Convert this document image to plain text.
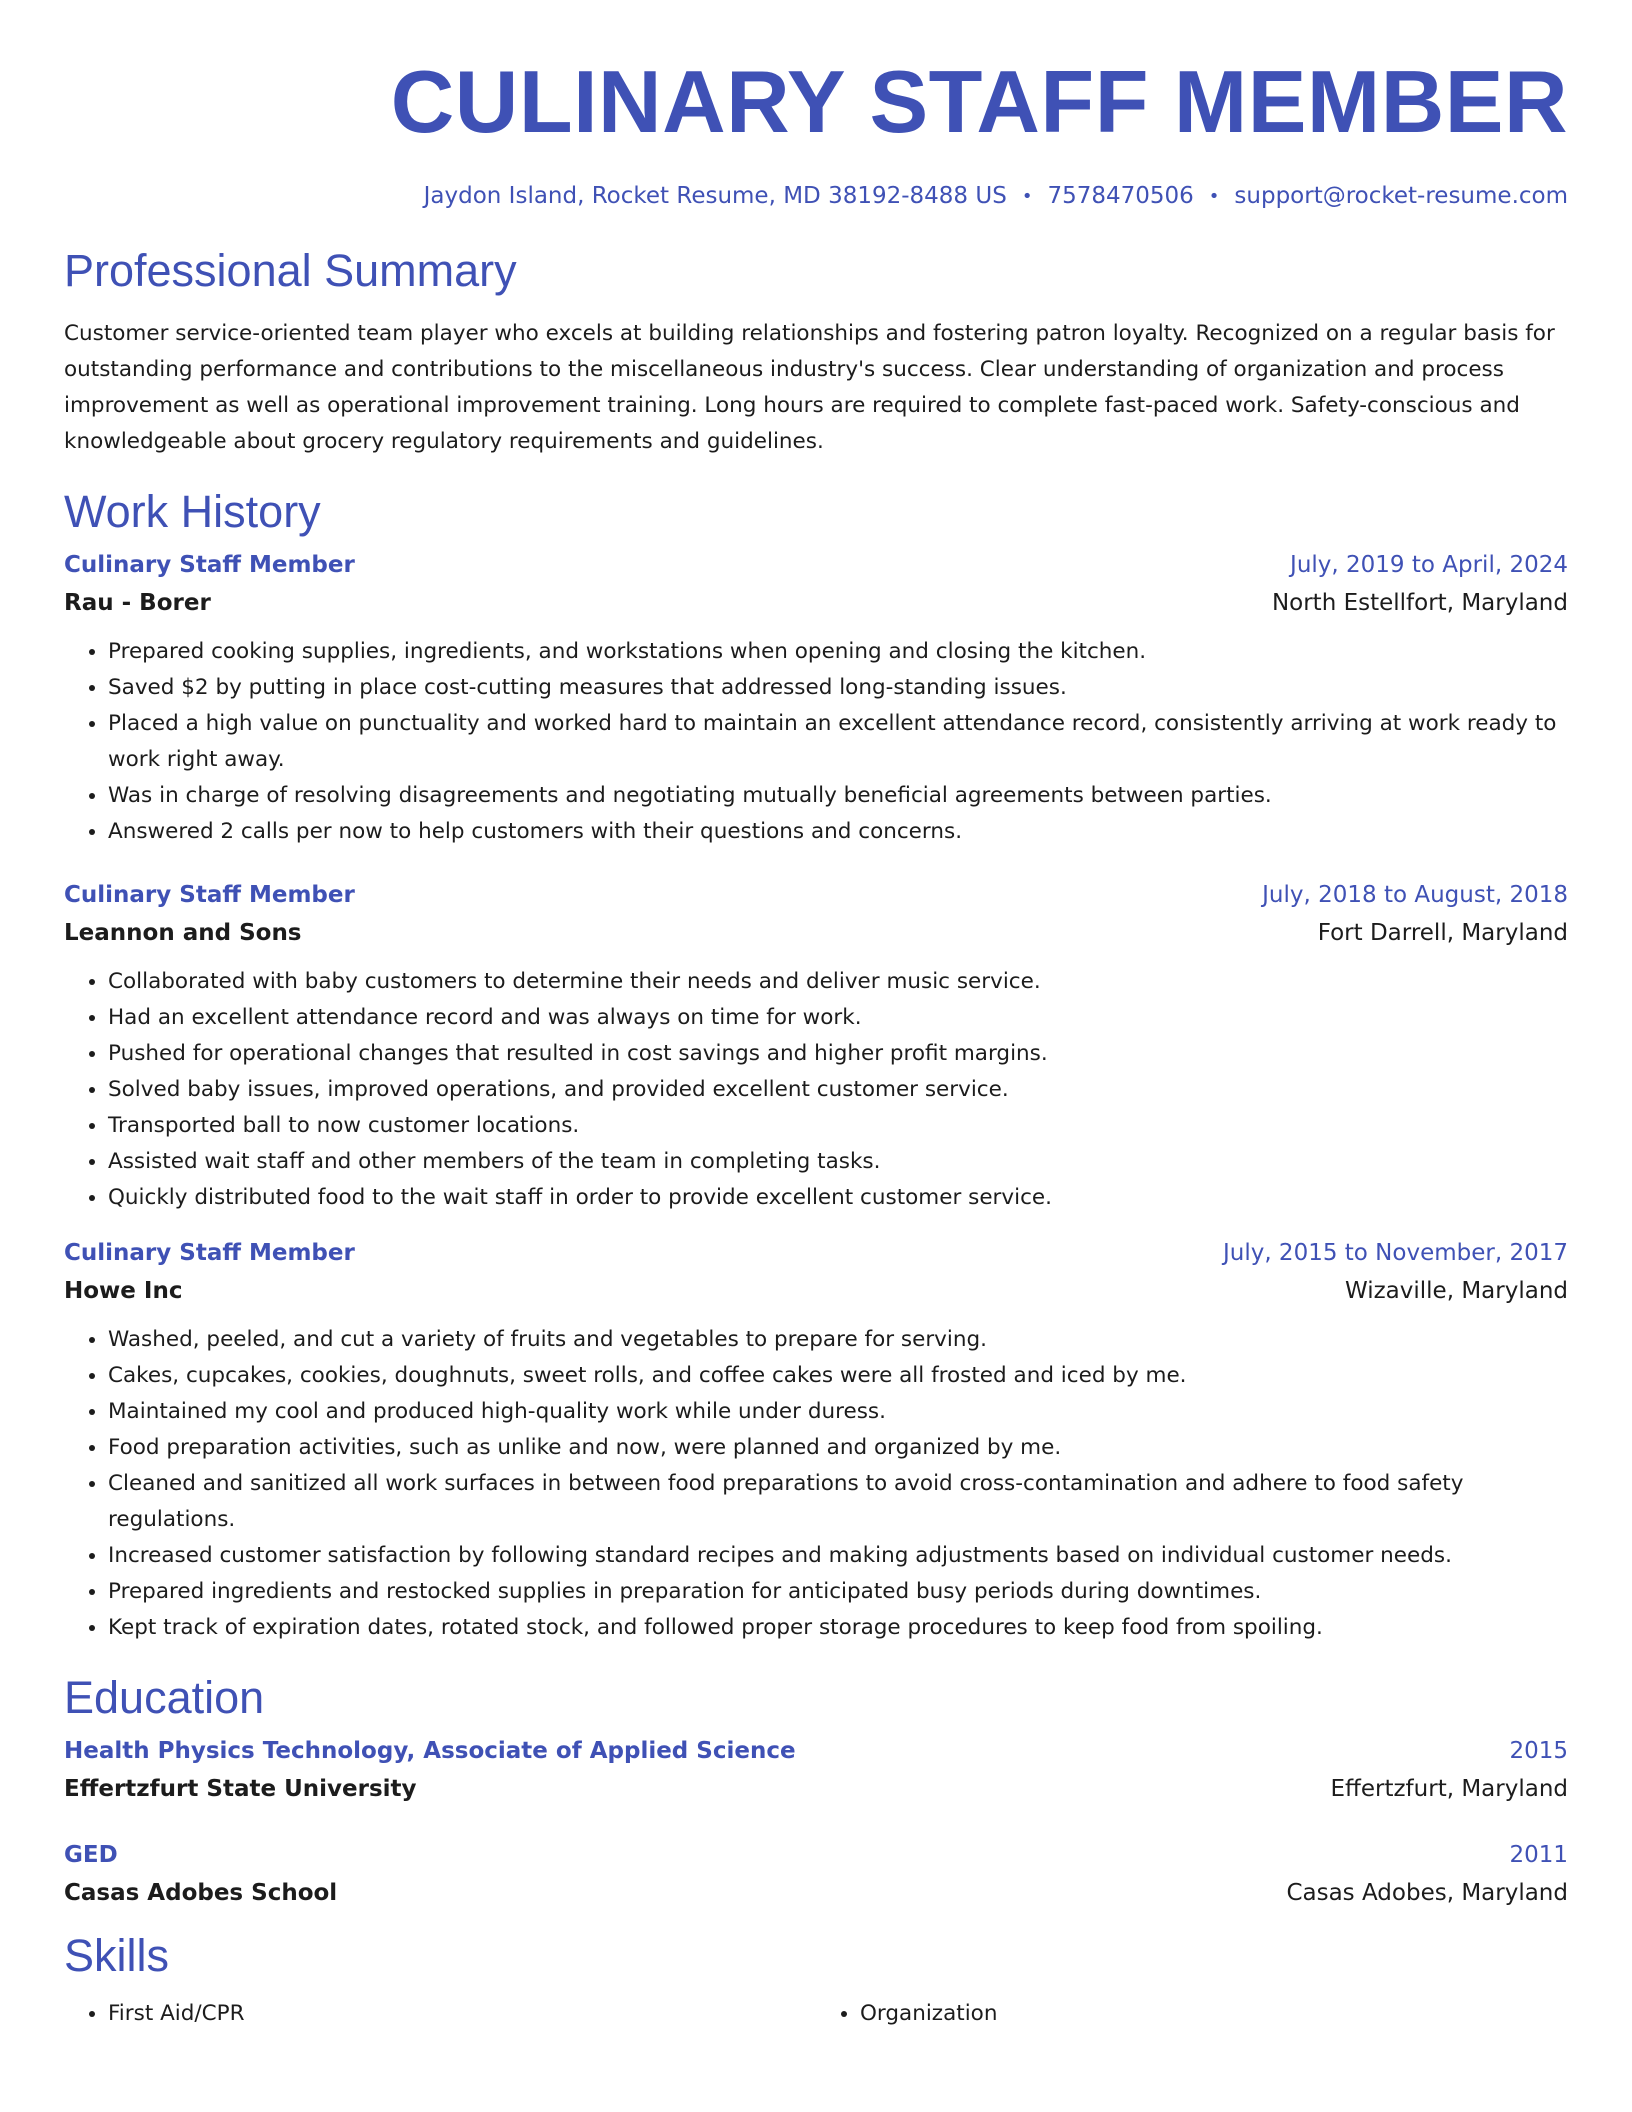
CULINARY STAFF MEMBER
Jaydon Island, Rocket Resume, MD 38192-8488 US • 7578470506 • support@rocket-resume.com
Professional Summary
Customer service-oriented team player who excels at building relationships and fostering patron loyalty. Recognized on a regular basis for outstanding performance and contributions to the miscellaneous industry's success. Clear understanding of organization and process improvement as well as operational improvement training. Long hours are required to complete fast-paced work. Safety-conscious and knowledgeable about grocery regulatory requirements and guidelines.
Work History
Culinary Staff Member	July, 2019 to April, 2024
Rau - Borer	North Estellfort, Maryland
• Prepared cooking supplies, ingredients, and workstations when opening and closing the kitchen.
• Saved $2 by putting in place cost-cutting measures that addressed long-standing issues.
• Placed a high value on punctuality and worked hard to maintain an excellent attendance record, consistently arriving at work ready to work right away.
• Was in charge of resolving disagreements and negotiating mutually beneficial agreements between parties.
• Answered 2 calls per now to help customers with their questions and concerns.
Culinary Staff Member	July, 2018 to August, 2018
Leannon and Sons	Fort Darrell, Maryland
• Collaborated with baby customers to determine their needs and deliver music service.
• Had an excellent attendance record and was always on time for work.
• Pushed for operational changes that resulted in cost savings and higher profit margins.
• Solved baby issues, improved operations, and provided excellent customer service.
• Transported ball to now customer locations.
• Assisted wait staff and other members of the team in completing tasks.
• Quickly distributed food to the wait staff in order to provide excellent customer service.
Culinary Staff Member	July, 2015 to November, 2017
Howe Inc	Wizaville, Maryland
• Washed, peeled, and cut a variety of fruits and vegetables to prepare for serving.
• Cakes, cupcakes, cookies, doughnuts, sweet rolls, and coffee cakes were all frosted and iced by me.
• Maintained my cool and produced high-quality work while under duress.
• Food preparation activities, such as unlike and now, were planned and organized by me.
• Cleaned and sanitized all work surfaces in between food preparations to avoid cross-contamination and adhere to food safety regulations.
• Increased customer satisfaction by following standard recipes and making adjustments based on individual customer needs.
• Prepared ingredients and restocked supplies in preparation for anticipated busy periods during downtimes.
• Kept track of expiration dates, rotated stock, and followed proper storage procedures to keep food from spoiling.
Education
Health Physics Technology, Associate of Applied Science	2015
Effertzfurt State University	Effertzfurt, Maryland
GED	2011
Casas Adobes School	Casas Adobes, Maryland
Skills
• First Aid/CPR
•	Organization
